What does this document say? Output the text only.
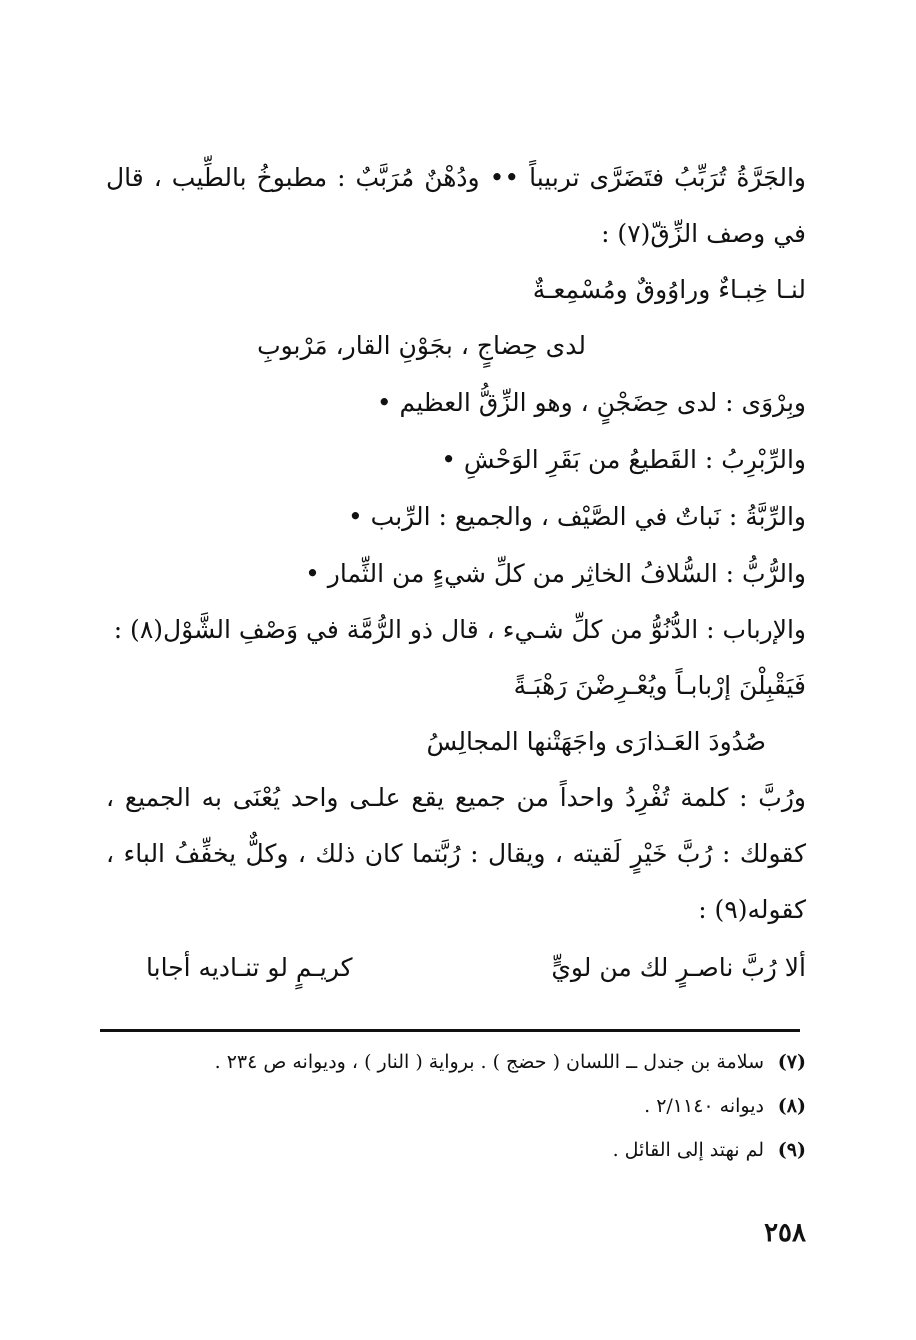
والجَرَّةُ تُرَبِّبُ فتَضَرَّى تربيباً •• ودُهْنٌ مُرَبَّبٌ : مطبوخُ بالطِّيب ، قال في وصف الزِّقّ(٧) :

لنـا خِبـاءٌ وراوُوقٌ ومُسْمِعـةٌ

لدى حِضاجٍ ، بجَوْنِ القار، مَرْبوبِ

وبِرْوَى : لدى حِضَجْنٍ ، وهو الزِّقُّ العظيم •

والرِّبْرِبُ : القَطيعُ من بَقَرِ الوَحْشِ •

والرِّبَّةُ : نَباتٌ في الصَّيْف ، والجميع : الرِّبب •

والرُّبُّ : السُّلافُ الخاثِر من كلِّ شيءٍ من الثِّمار •

والإرباب : الدُّنُوُّ من كلِّ شـيء ، قال ذو الرُّمَّة في وَصْفِ الشَّوْل(٨) :

فَيَقْبِلْنَ إرْبابـاً ويُعْـرِضْنَ رَهْبَـةً

صُدُودَ العَـذارَى واجَهَتْنها المجالِسُ

ورُبَّ : كلمة تُفْرِدُ واحداً من جميع يقع علـى واحد يُعْنَى به الجميع ، كقولك : رُبَّ خَيْرٍ لَقيته ، ويقال : رُبَّتما كان ذلك ، وكلٌّ يخفِّفُ الباء ، كقوله(٩) :

ألا رُبَّ ناصـرٍ لك من لويٍّ
كريـمٍ لو تنـاديه أجابا
(٧)
سلامة بن جندل ــ اللسان ( حضج ) . برواية ( النار ) ، وديوانه ص ٢٣٤ .
(٨)
ديوانه ٢/١١٤٠ .
(٩)
لم نهتد إلى القائل .
٢٥٨
